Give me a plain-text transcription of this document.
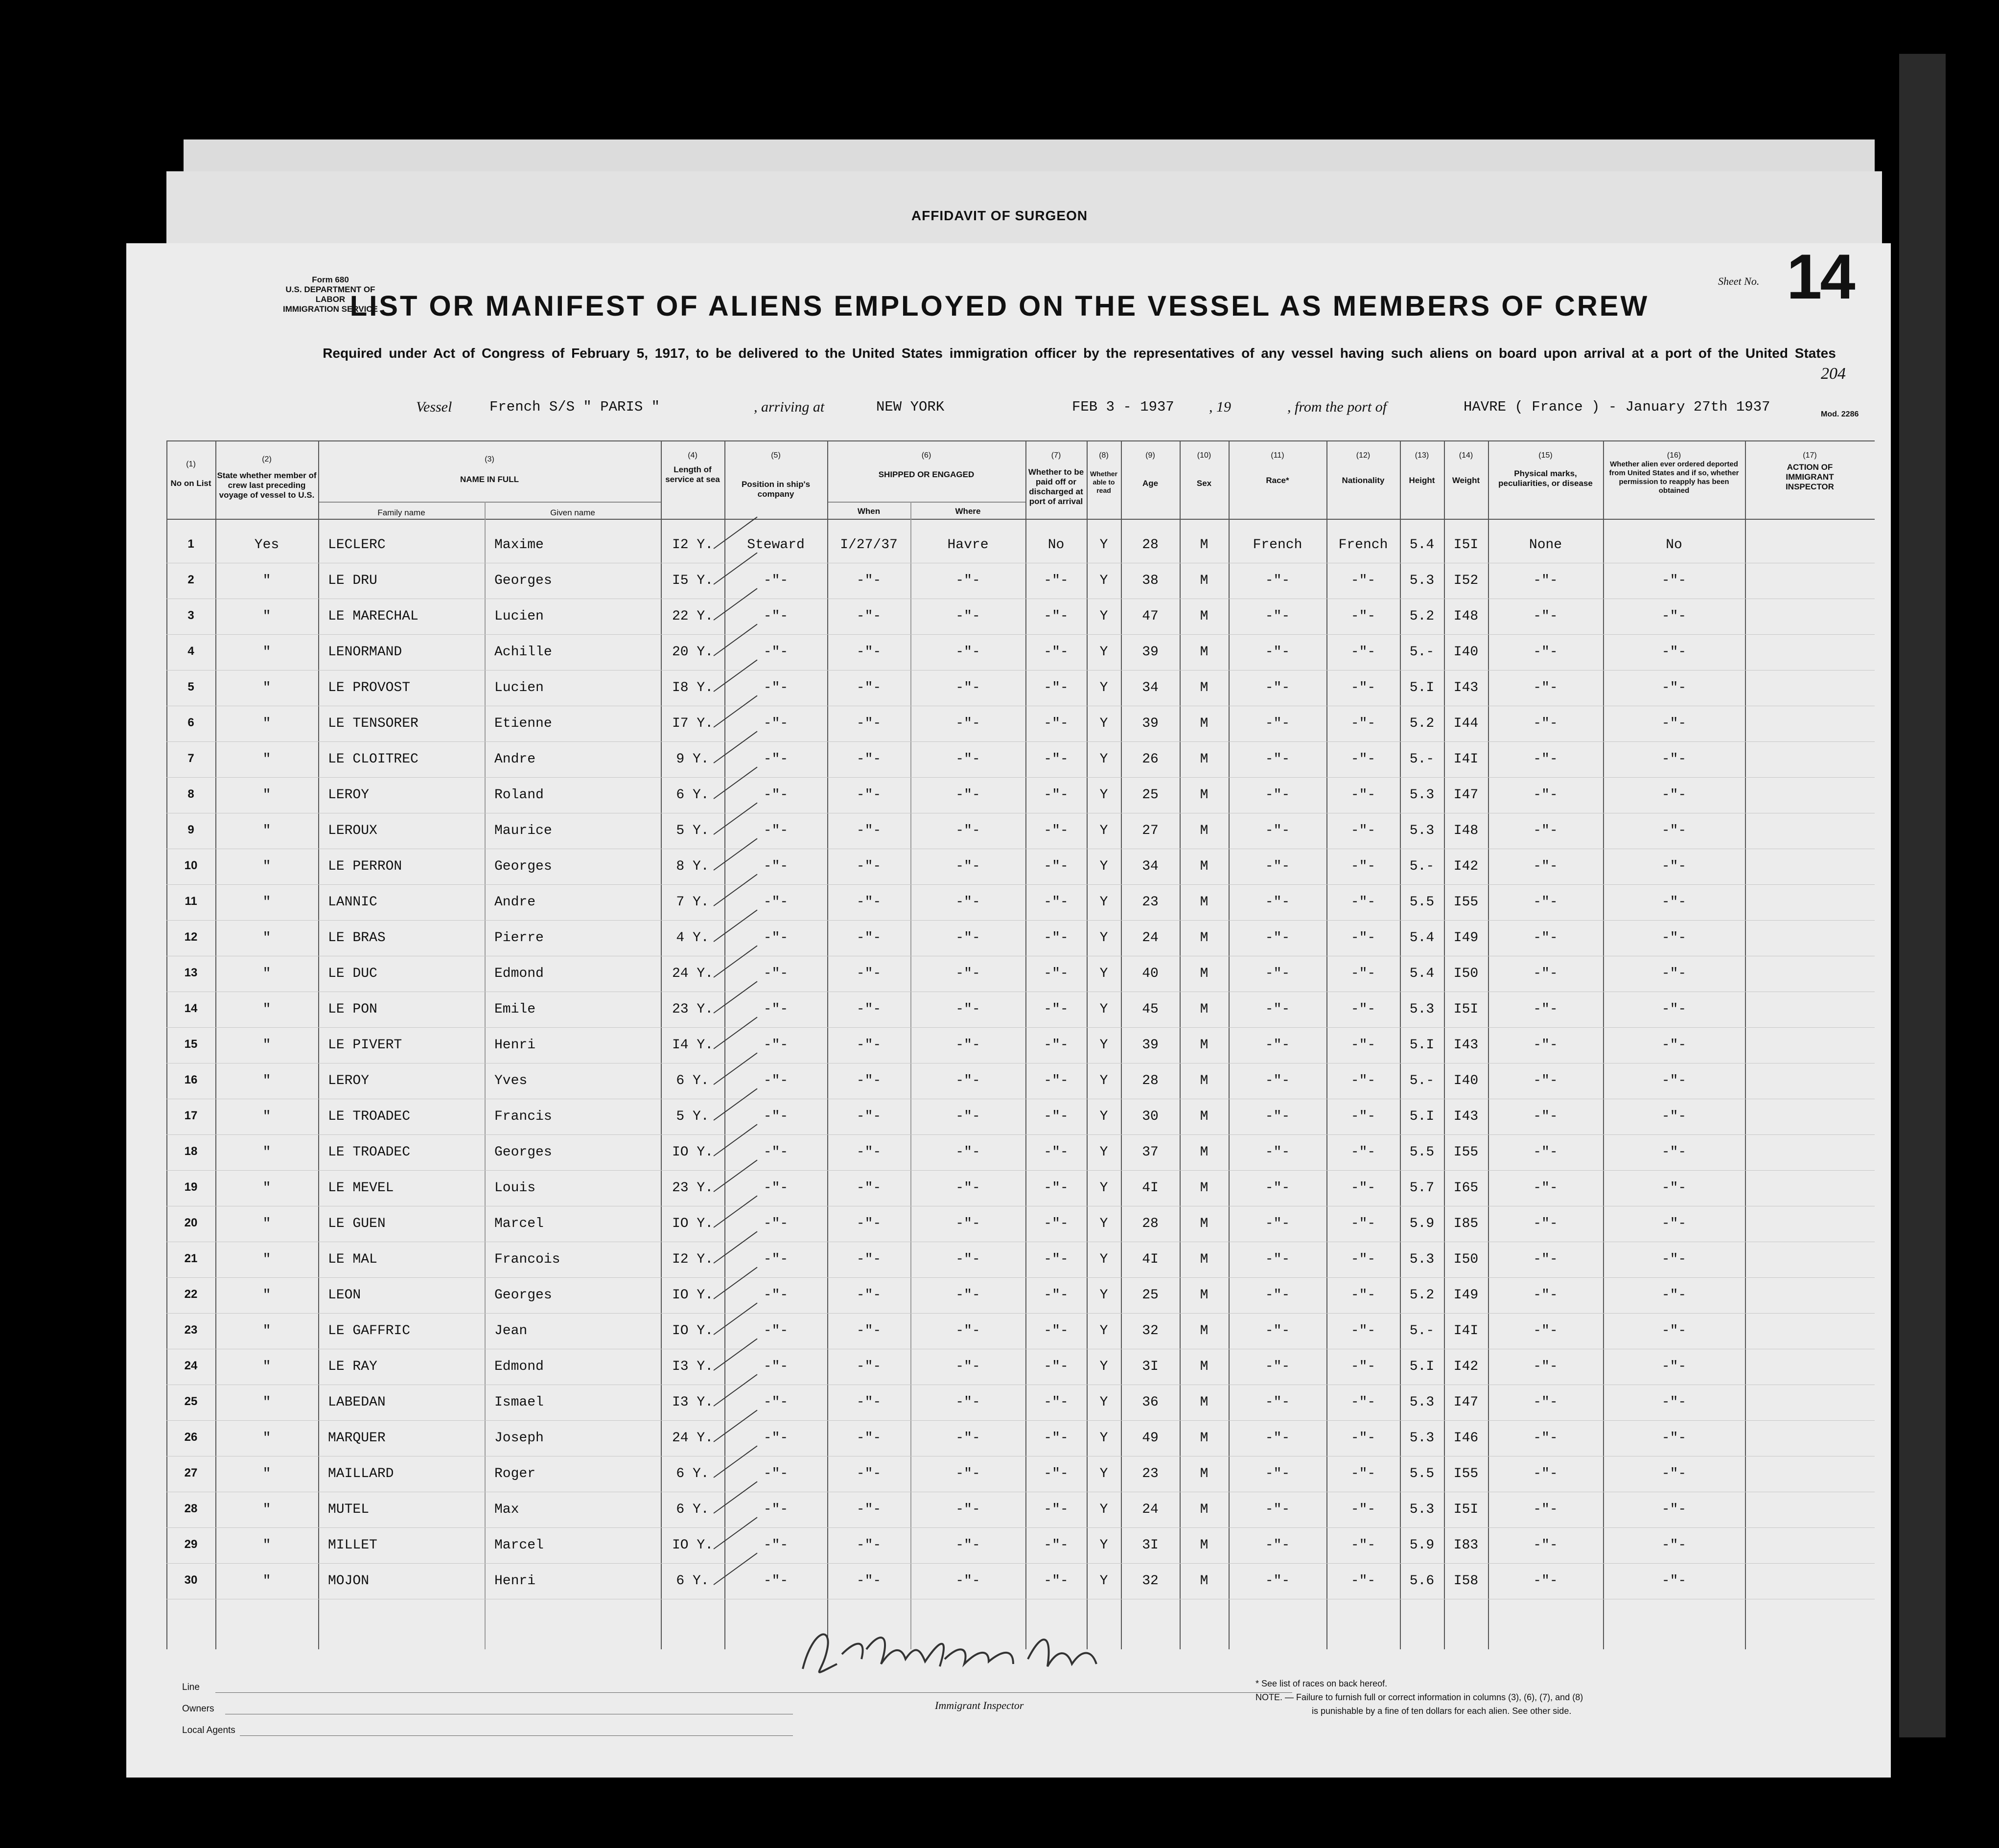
AFFIDAVIT OF SURGEON
Form 680
U.S. DEPARTMENT OF LABOR
IMMIGRATION SERVICE
LIST OR MANIFEST OF ALIENS EMPLOYED ON THE VESSEL AS MEMBERS OF CREW
Required under Act of Congress of February 5, 1917, to be delivered to the United States immigration officer by the representatives of any vessel having such aliens on board upon arrival at a port of the United States
Sheet No. 14
204
Mod. 2286
Vessel	French S/S " PARIS "	, arriving at	NEW YORK	FEB 3 - 1937 , 19	, from the port of	HAVRE ( France ) - January 27th 1937
(1)
(2)	(3)	(4)	(5)	(6)	(7)	(8)	(9)	(10)	(11)	(12)	(13)	(14)	(15)	(16)	(17)
No on List
State whether member of crew last preceding voyage of vessel to U.S.
NAME IN FULL
Length of service at sea
Position in ship's company
SHIPPED OR ENGAGED	Whether to be paid off or discharged at port of arrival
Whether able to read
Age	Sex	Race*	Nationality	Height	Weight
Physical marks, peculiarities, or disease
Whether alien ever ordered deported from United States and if so, whether permission to reapply has been obtained
ACTION OF IMMIGRANT INSPECTOR
Family name	Given name	When	Where
1	Yes	LECLERC	Maxime	I2 Y.	Steward	I/27/37	Havre	No	Y	28	M	French	French	5.4	I5I	None	No
2	"	LE DRU	Georges	I5 Y.	-"-	-"-	-"-	-"-	Y	38	M	-"-	-"-	5.3	I52	-"-	-"-
3	"	LE MARECHAL	Lucien	22 Y.	-"-	-"-	-"-	-"-	Y	47	M	-"-	-"-	5.2	I48	-"-	-"-
4	"	LENORMAND	Achille	20 Y.	-"-	-"-	-"-	-"-	Y	39	M	-"-	-"-	5.-	I40	-"-	-"-
5	"	LE PROVOST	Lucien	I8 Y.	-"-	-"-	-"-	-"-	Y	34	M	-"-	-"-	5.I	I43	-"-	-"-
6	"	LE TENSORER	Etienne	I7 Y.	-"-	-"-	-"-	-"-	Y	39	M	-"-	-"-	5.2	I44	-"-	-"-
7	"	LE CLOITREC	Andre	9 Y.	-"-	-"-	-"-	-"-	Y	26	M	-"-	-"-	5.-	I4I	-"-	-"-
8	"	LEROY	Roland	6 Y.	-"-	-"-	-"-	-"-	Y	25	M	-"-	-"-	5.3	I47	-"-	-"-
9	"	LEROUX	Maurice	5 Y.	-"-	-"-	-"-	-"-	Y	27	M	-"-	-"-	5.3	I48	-"-	-"-
10	"	LE PERRON	Georges	8 Y.	-"-	-"-	-"-	-"-	Y	34	M	-"-	-"-	5.-	I42	-"-	-"-
11	"	LANNIC	Andre	7 Y.	-"-	-"-	-"-	-"-	Y	23	M	-"-	-"-	5.5	I55	-"-	-"-
12	"	LE BRAS	Pierre	4 Y.	-"-	-"-	-"-	-"-	Y	24	M	-"-	-"-	5.4	I49	-"-	-"-
13	"	LE DUC	Edmond	24 Y.	-"-	-"-	-"-	-"-	Y	40	M	-"-	-"-	5.4	I50	-"-	-"-
14	"	LE PON	Emile	23 Y.	-"-	-"-	-"-	-"-	Y	45	M	-"-	-"-	5.3	I5I	-"-	-"-
15	"	LE PIVERT	Henri	I4 Y.	-"-	-"-	-"-	-"-	Y	39	M	-"-	-"-	5.I	I43	-"-	-"-
16	"	LEROY	Yves	6 Y.	-"-	-"-	-"-	-"-	Y	28	M	-"-	-"-	5.-	I40	-"-	-"-
17	"	LE TROADEC	Francis	5 Y.	-"-	-"-	-"-	-"-	Y	30	M	-"-	-"-	5.I	I43	-"-	-"-
18	"	LE TROADEC	Georges	IO Y.	-"-	-"-	-"-	-"-	Y	37	M	-"-	-"-	5.5	I55	-"-	-"-
19	"	LE MEVEL	Louis	23 Y.	-"-	-"-	-"-	-"-	Y	4I	M	-"-	-"-	5.7	I65	-"-	-"-
20	"	LE GUEN	Marcel	IO Y.	-"-	-"-	-"-	-"-	Y	28	M	-"-	-"-	5.9	I85	-"-	-"-
21	"	LE MAL	Francois	I2 Y.	-"-	-"-	-"-	-"-	Y	4I	M	-"-	-"-	5.3	I50	-"-	-"-
22	"	LEON	Georges	IO Y.	-"-	-"-	-"-	-"-	Y	25	M	-"-	-"-	5.2	I49	-"-	-"-
23	"	LE GAFFRIC	Jean	IO Y.	-"-	-"-	-"-	-"-	Y	32	M	-"-	-"-	5.-	I4I	-"-	-"-
24	"	LE RAY	Edmond	I3 Y.	-"-	-"-	-"-	-"-	Y	3I	M	-"-	-"-	5.I	I42	-"-	-"-
25	"	LABEDAN	Ismael	I3 Y.	-"-	-"-	-"-	-"-	Y	36	M	-"-	-"-	5.3	I47	-"-	-"-
26	"	MARQUER	Joseph	24 Y.	-"-	-"-	-"-	-"-	Y	49	M	-"-	-"-	5.3	I46	-"-	-"-
27	"	MAILLARD	Roger	6 Y.	-"-	-"-	-"-	-"-	Y	23	M	-"-	-"-	5.5	I55	-"-	-"-
28	"	MUTEL	Max	6 Y.	-"-	-"-	-"-	-"-	Y	24	M	-"-	-"-	5.3	I5I	-"-	-"-
29	"	MILLET	Marcel	IO Y.	-"-	-"-	-"-	-"-	Y	3I	M	-"-	-"-	5.9	I83	-"-	-"-
30	"	MOJON	Henri	6 Y.	-"-	-"-	-"-	-"-	Y	32	M	-"-	-"-	5.6	I58	-"-	-"-
Line
Owners
Local Agents
Immigrant Inspector
* See list of races on back hereof.
NOTE. — Failure to furnish full or correct information in columns (3), (6), (7), and (8)
is punishable by a fine of ten dollars for each alien. See other side.
